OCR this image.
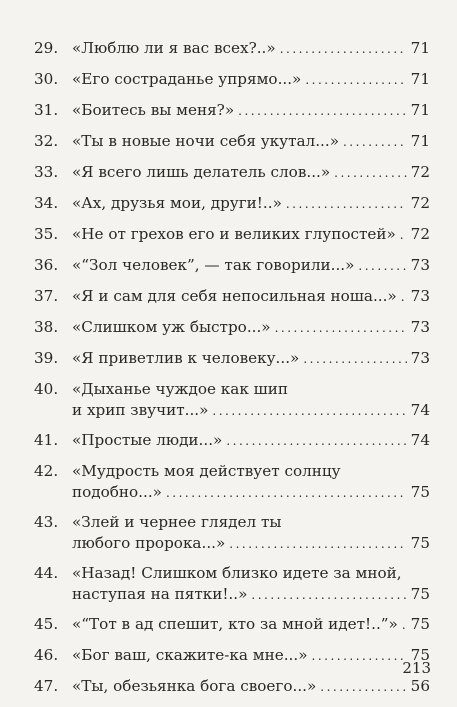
29. «Люблю ли я вас всех?..» .....	71
30. «Его состраданье упрямо...» .....	71
31. «Боитесь вы меня?» .....	71
32. «Ты в новые ночи себя укутал...» .....	71
33. «Я всего лишь делатель слов...» .....	72
34. «Ах, друзья мои, други!..» .....	72
35. «Не от грехов его и великих глупостей» ..... 72
36. «“Зол человек”, — так говорили...» .....	73
37. «Я и сам для себя непосильная ноша...» ..... 73
38. «Слишком уж быстро...» .....	73
39. «Я приветлив к человеку...» .....	73
40. «Дыханье чуждое как шип
и хрип звучит...» .....	74
41. «Простые люди...» .....	74
42. «Мудрость моя действует солнцу
подобно...» .....	75
43. «Злей и чернее глядел ты
любого пророка...» .....	75
44. «Назад! Слишком близко идете за мной,
наступая на пятки!..» .....	75
45. «“Тот в ад спешит, кто за мной идет!..”» ..... 75
46. «Бог ваш, скажите-ка мне...» .....	75
47. «Ты, обезьянка бога своего...» .....	56
213
